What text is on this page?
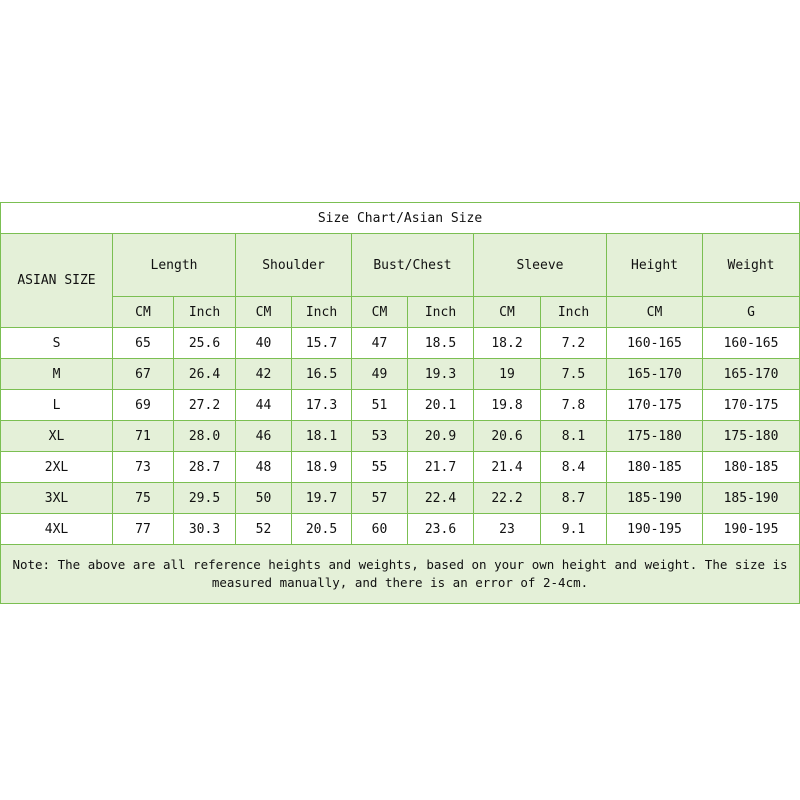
Size Chart/Asian Size										
ASIAN SIZE	Length		Shoulder		Bust/Chest		Sleeve		Height	Weight
	CM	Inch	CM	Inch	CM	Inch	CM	Inch	CM	G
S	65	25.6	40	15.7	47	18.5	18.2	7.2	160-165	160-165
M	67	26.4	42	16.5	49	19.3	19	7.5	165-170	165-170
L	69	27.2	44	17.3	51	20.1	19.8	7.8	170-175	170-175
XL	71	28.0	46	18.1	53	20.9	20.6	8.1	175-180	175-180
2XL	73	28.7	48	18.9	55	21.7	21.4	8.4	180-185	180-185
3XL	75	29.5	50	19.7	57	22.4	22.2	8.7	185-190	185-190
4XL	77	30.3	52	20.5	60	23.6	23	9.1	190-195	190-195
Note: The above are all reference heights and weights, based on your own height and weight. The size is measured manually, and there is an error of 2-4cm.										
